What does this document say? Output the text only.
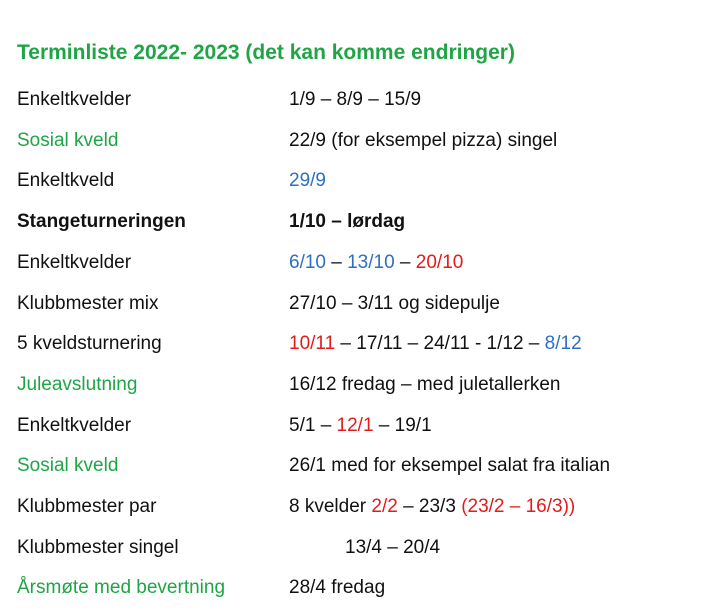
Terminliste 2022- 2023 (det kan komme endringer)
Enkeltkvelder	1/9 – 8/9 – 15/9
Sosial kveld	22/9 (for eksempel pizza) singel
Enkeltkveld	29/9
Stangeturneringen	1/10 – lørdag
Enkeltkvelder	6/10 – 13/10 – 20/10
Klubbmester mix	27/10 – 3/11 og sidepulje
5 kveldsturnering	10/11 – 17/11 – 24/11 - 1/12 – 8/12
Juleavslutning	16/12 fredag – med juletallerken
Enkeltkvelder	5/1 – 12/1 – 19/1
Sosial kveld	26/1 med for eksempel salat fra italian
Klubbmester par	8 kvelder 2/2 – 23/3 (23/2 – 16/3))
Klubbmester singel	13/4 – 20/4
Årsmøte med bevertning	28/4 fredag
